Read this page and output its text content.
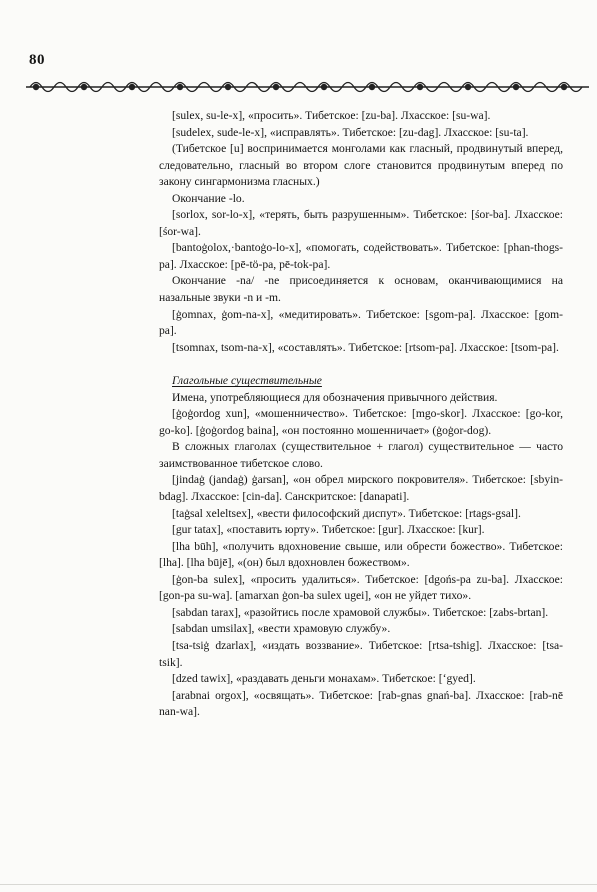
80

[sulex, su-le-x], «просить». Тибетское: [zu-ba]. Лхасское: [su-wa].

[sudelex, sude-le-x], «исправлять». Тибетское: [zu-dag]. Лхасское: [su-ta].

(Тибетское [u] воспринимается монголами как гласный, продвинутый вперед, следовательно, гласный во втором слоге становится продвинутым вперед по закону сингармонизма гласных.)

Окончание -lo.

[sorlox, sor-lo-x], «терять, быть разрушенным». Тибетское: [śor-ba]. Лхасское: [śor-wa].

[bantoġolox,·bantoġo-lo-x], «помогать, содействовать». Тибетское: [phan-thogs-pa]. Лхасское: [pē-tö-pa, pē-tok-pa].

Окончание -na/ -ne присоединяется к основам, оканчивающимися на назальные звуки -n и -m.

[ġomnax, ġom-na-x], «медитировать». Тибетское: [sgom-pa]. Лхасское: [gom-pa].

[tsomnax, tsom-na-x], «составлять». Тибетское: [rtsom-pa]. Лхасское: [tsom-pa].

Глагольные существительные

Имена, употребляющиеся для обозначения привычного действия.

[ġoġordog xun], «мошенничество». Тибетское: [mgo-skor]. Лхасское: [go-kor, go-ko]. [ġoġordog baina], «он постоянно мошенничает» (ġoġor-dog).

В сложных глаголах (существительное + глагол) существительное — часто заимствованное тибетское слово.

[jindaġ (jandaġ) ġarsan], «он обрел мирского покровителя». Тибетское: [sbyin-bdag]. Лхасское: [cin-da]. Санскритское: [danapati].

[taġsal xeleltsex], «вести философский диспут». Тибетское: [rtags-gsal].

[gur tatax], «поставить юрту». Тибетское: [gur]. Лхасское: [kur].

[lha būh], «получить вдохновение свыше, или обрести божество». Тибетское: [lha]. [lha būjē], «(он) был вдохновлен божеством».

[ġon-ba sulex], «просить удалиться». Тибетское: [dgońs-pa zu-ba]. Лхасское: [gon-pa su-wa]. [amarxan ġon-ba sulex ugei], «он не уйдет тихо».

[sabdan tarax], «разойтись после храмовой службы». Тибетское: [zabs-brtan].

[sabdan umsilax], «вести храмовую службу».

[tsa-tsiġ dzarlax], «издать воззвание». Тибетское: [rtsa-tshig]. Лхасское: [tsa-tsik].

[dzed tawix], «раздавать деньги монахам». Тибетское: [‘gyed].

[arabnai orgox], «освящать». Тибетское: [rab-gnas gnań-ba]. Лхасское: [rab-nē nan-wa].
